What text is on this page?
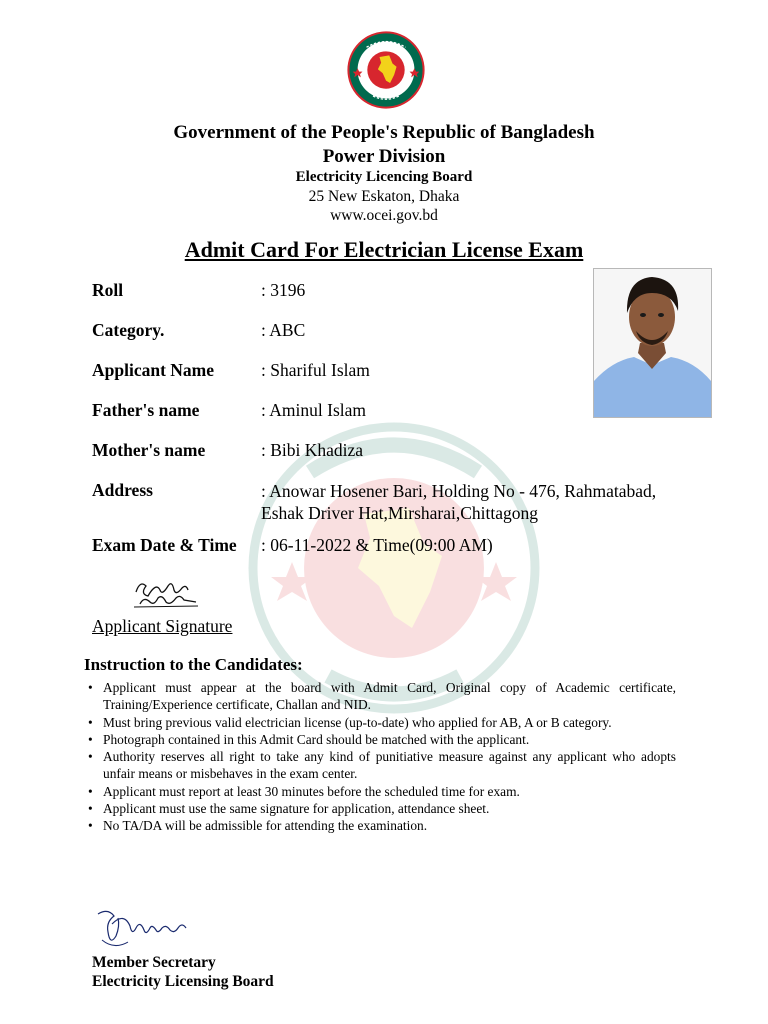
Government of the People's Republic of Bangladesh
Power Division
Electricity Licencing Board
25 New Eskaton, Dhaka
www.ocei.gov.bd
Admit Card For Electrician License Exam
Roll	: 3196
Category.	: ABC
Applicant Name	: Shariful Islam
Father's name	: Aminul Islam
Mother's name	: Bibi Khadiza
Address	: Anowar Hosener Bari, Holding No - 476, Rahmatabad,
Eshak Driver Hat,Mirsharai,Chittagong
Exam Date & Time : 06-11-2022 & Time(09:00 AM)
Applicant Signature
Instruction to the Candidates:
• Applicant must appear at the board with Admit Card, Original copy of Academic certificate, Training/Experience certificate, Challan and NID.
• Must bring previous valid electrician license (up-to-date) who applied for AB, A or B category.
• Photograph contained in this Admit Card should be matched with the applicant.
• Authority reserves all right to take any kind of punitiative measure against any applicant who adopts unfair means or misbehaves in the exam center.
• Applicant must report at least 30 minutes before the scheduled time for exam.
• Applicant must use the same signature for application, attendance sheet.
• No TA/DA will be admissible for attending the examination.
Member Secretary
Electricity Licensing Board
